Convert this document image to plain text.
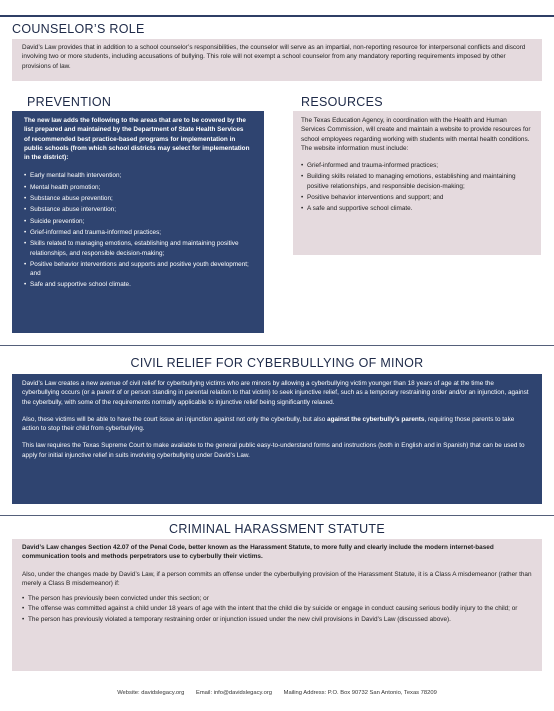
COUNSELOR’S ROLE

David’s Law provides that in addition to a school counselor’s responsibilities, the counselor will serve as an impartial, non-reporting resource for interpersonal conflicts and discord involving two or more students, including accusations of bullying. This role will not exempt a school counselor from any mandatory reporting requirements imposed by other provisions of law.

PREVENTION

The new law adds the following to the areas that are to be covered by the list prepared and maintained by the Department of State Health Services of recommended best practice-based programs for implementation in public schools (from which school districts may select for implementation in the district):

• Early mental health intervention;
• Mental health promotion;
• Substance abuse prevention;
• Substance abuse intervention;
• Suicide prevention;
• Grief-informed and trauma-informed practices;
• Skills related to managing emotions, establishing and maintaining positive relationships, and responsible decision-making;
• Positive behavior interventions and supports and positive youth development; and
• Safe and supportive school climate.
RESOURCES

The Texas Education Agency, in coordination with the Health and Human Services Commission, will create and maintain a website to provide resources for school employees regarding working with students with mental health conditions. The website information must include:

• Grief-informed and trauma-informed practices;
• Building skills related to managing emotions, establishing and maintaining positive relationships, and responsible decision-making;
• Positive behavior interventions and support; and
• A safe and supportive school climate.
CIVIL RELIEF FOR CYBERBULLYING OF MINOR

David’s Law creates a new avenue of civil relief for cyberbullying victims who are minors by allowing a cyberbullying victim younger than 18 years of age at the time the cyberbullying occurs (or a parent of or person standing in parental relation to that victim) to seek injunctive relief, such as a temporary restraining order and/or an injunction, against the cyberbully, with some of the requirements normally applicable to injunctive relief being significantly relaxed.

Also, these victims will be able to have the court issue an injunction against not only the cyberbully, but also against the cyberbully’s parents, requiring those parents to take action to stop their child from cyberbullying.

This law requires the Texas Supreme Court to make available to the general public easy-to-understand forms and instructions (both in English and in Spanish) that can be used to apply for initial injunctive relief in suits involving cyberbullying under David’s Law.

CRIMINAL HARASSMENT STATUTE

David’s Law changes Section 42.07 of the Penal Code, better known as the Harassment Statute, to more fully and clearly include the modern internet-based communication tools and methods perpetrators use to cyberbully their victims.

Also, under the changes made by David’s Law, if a person commits an offense under the cyberbullying provision of the Harassment Statute, it is a Class A misdemeanor (rather than merely a Class B misdemeanor) if:

• The person has previously been convicted under this section; or
• The offense was committed against a child under 18 years of age with the intent that the child die by suicide or engage in conduct causing serious bodily injury to the child; or
• The person has previously violated a temporary restraining order or injunction issued under the new civil provisions in David’s Law (discussed above).
Website: davidslegacy.org Email: info@davidslegacy.org Mailing Address: P.O. Box 90732 San Antonio, Texas 78209
